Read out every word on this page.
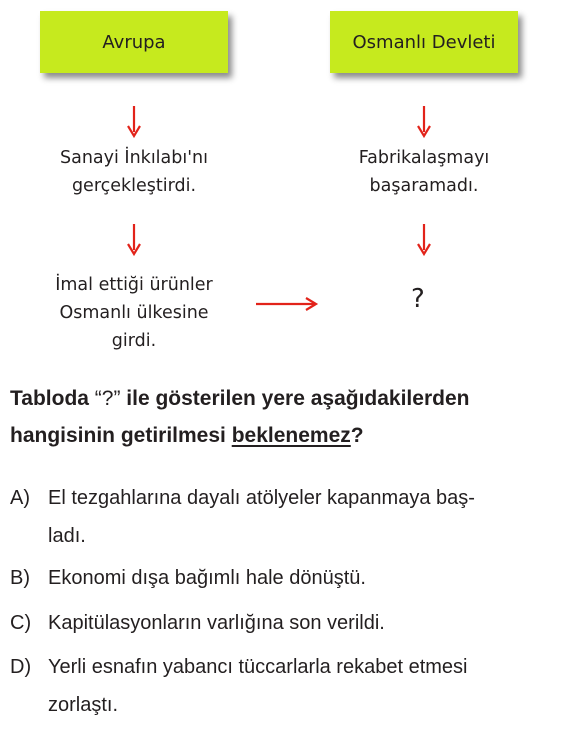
Avrupa	Osmanlı Devleti
Sanayi İnkılabı'nı
gerçekleştirdi.
İmal ettiği ürünler
Osmanlı ülkesine
girdi.
Fabrikalaşmayı
başaramadı.
?
Tabloda “?” ile gösterilen yere aşağıdakilerden
hangisinin getirilmesi beklenemez?
A) El tezgahlarına dayalı atölyeler kapanmaya baş-
ladı.
B) Ekonomi dışa bağımlı hale dönüştü.
C) Kapitülasyonların varlığına son verildi.
D) Yerli esnafın yabancı tüccarlarla rekabet etmesi
zorlaştı.
